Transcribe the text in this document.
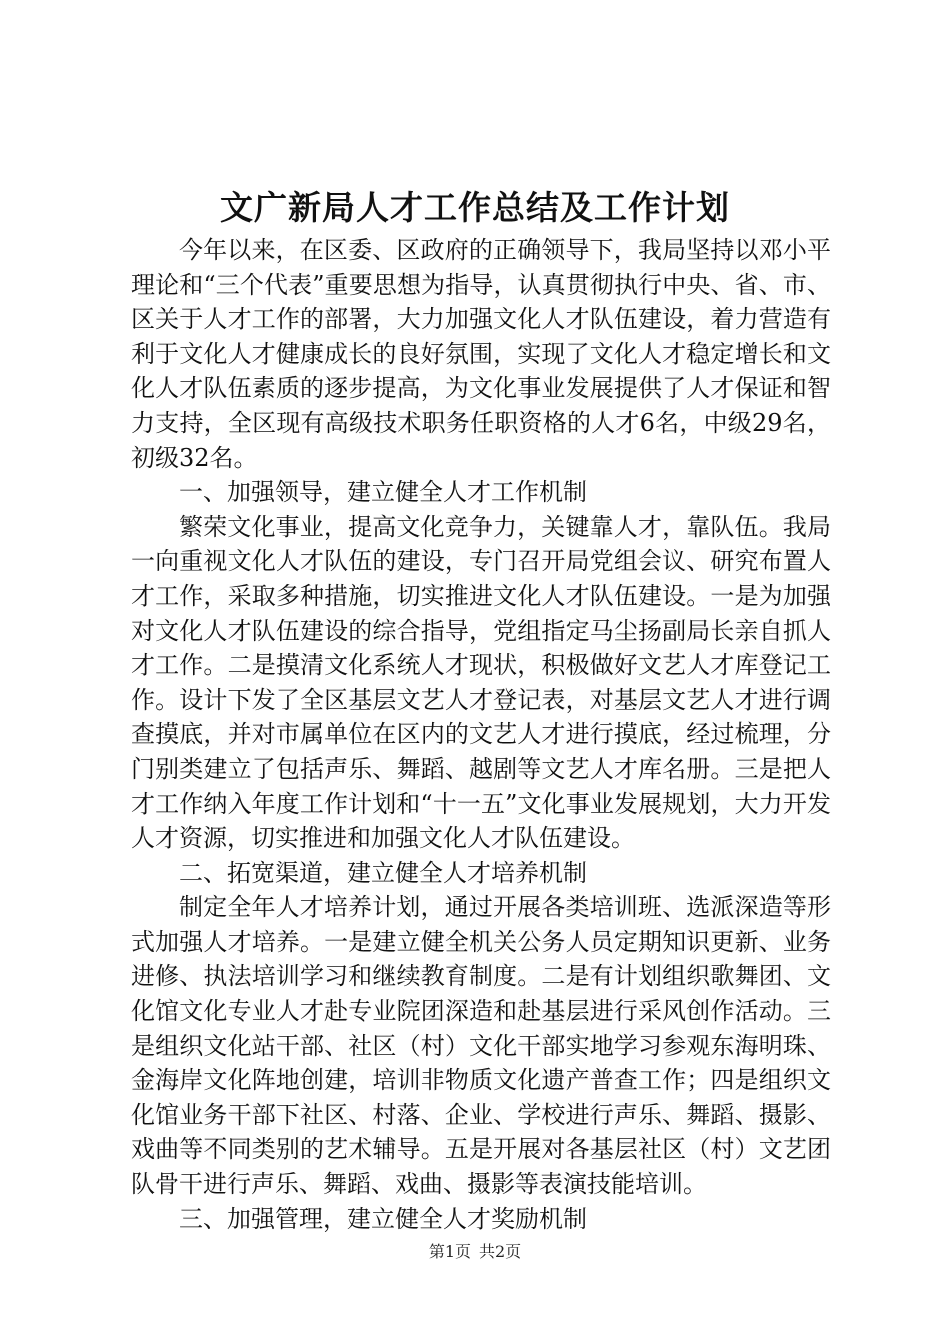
文广新局人才工作总结及工作计划

今年以来，在区委、区政府的正确领导下，我局坚持以邓小平理论和“三个代表”重要思想为指导，认真贯彻执行中央、省、市、区关于人才工作的部署，大力加强文化人才队伍建设，着力营造有利于文化人才健康成长的良好氛围，实现了文化人才稳定增长和文化人才队伍素质的逐步提高，为文化事业发展提供了人才保证和智力支持，全区现有高级技术职务任职资格的人才6名，中级29名，初级32名。

一、加强领导，建立健全人才工作机制

繁荣文化事业，提高文化竞争力，关键靠人才，靠队伍。我局一向重视文化人才队伍的建设，专门召开局党组会议、研究布置人才工作，采取多种措施，切实推进文化人才队伍建设。一是为加强对文化人才队伍建设的综合指导，党组指定马尘扬副局长亲自抓人才工作。二是摸清文化系统人才现状，积极做好文艺人才库登记工作。设计下发了全区基层文艺人才登记表，对基层文艺人才进行调查摸底，并对市属单位在区内的文艺人才进行摸底，经过梳理，分门别类建立了包括声乐、舞蹈、越剧等文艺人才库名册。三是把人才工作纳入年度工作计划和“十一五”文化事业发展规划，大力开发人才资源，切实推进和加强文化人才队伍建设。

二、拓宽渠道，建立健全人才培养机制

制定全年人才培养计划，通过开展各类培训班、选派深造等形式加强人才培养。一是建立健全机关公务人员定期知识更新、业务进修、执法培训学习和继续教育制度。二是有计划组织歌舞团、文化馆文化专业人才赴专业院团深造和赴基层进行采风创作活动。三是组织文化站干部、社区（村）文化干部实地学习参观东海明珠、金海岸文化阵地创建，培训非物质文化遗产普查工作；四是组织文化馆业务干部下社区、村落、企业、学校进行声乐、舞蹈、摄影、戏曲等不同类别的艺术辅导。五是开展对各基层社区（村）文艺团队骨干进行声乐、舞蹈、戏曲、摄影等表演技能培训。

三、加强管理，建立健全人才奖励机制

第1页 共2页
